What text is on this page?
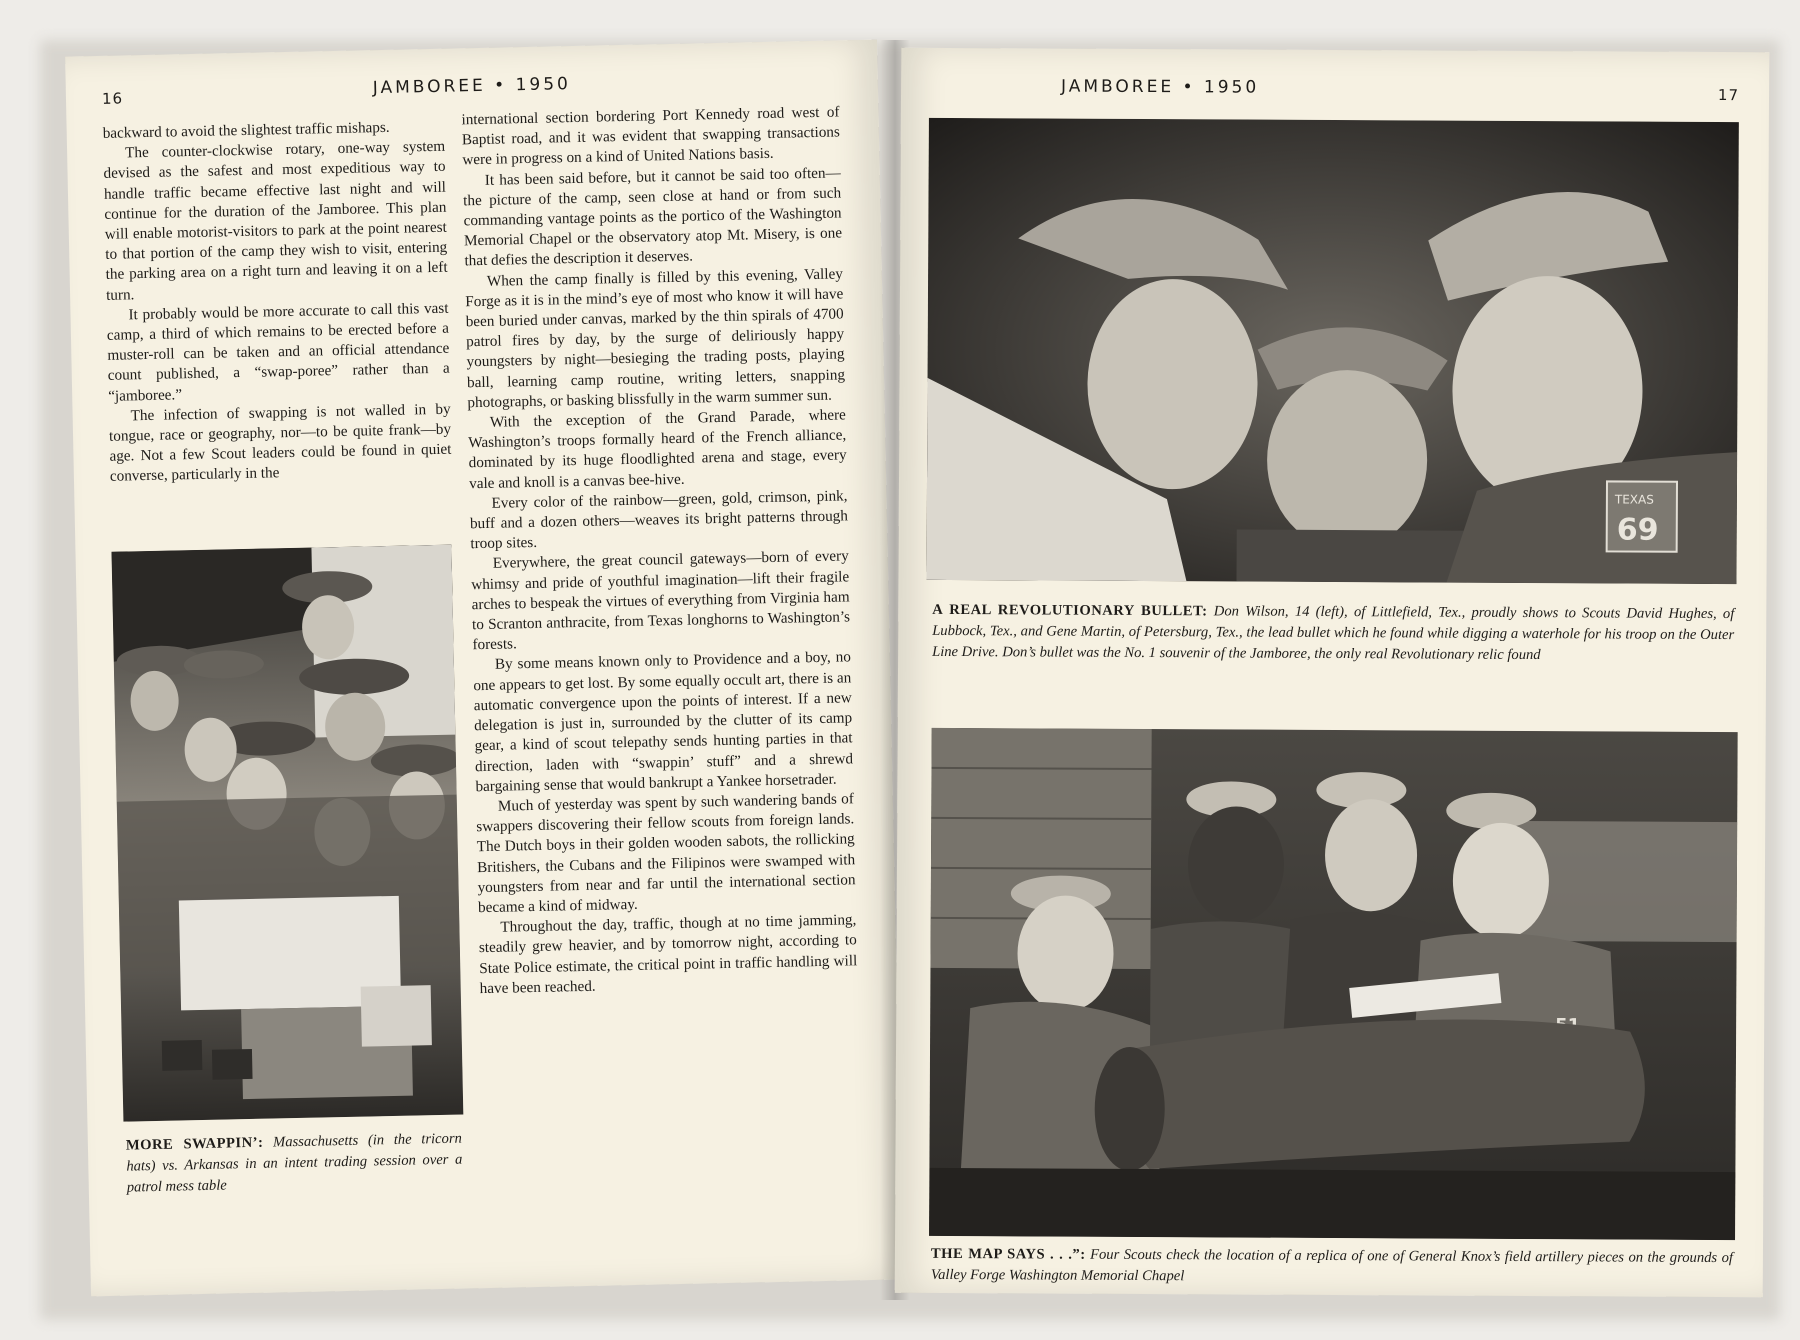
16
JAMBOREE • 1950

backward to avoid the slightest traffic mishaps.

The counter-clockwise rotary, one-way system devised as the safest and most expeditious way to handle traffic became effective last night and will continue for the duration of the Jamboree. This plan will enable motorist-visitors to park at the point nearest to that portion of the camp they wish to visit, entering the parking area on a right turn and leaving it on a left turn.

It probably would be more accurate to call this vast camp, a third of which remains to be erected before a muster-roll can be taken and an official attendance count published, a “swap-poree” rather than a “jamboree.”

The infection of swapping is not walled in by tongue, race or geography, nor—to be quite frank—by age. Not a few Scout leaders could be found in quiet converse, particularly in the

MORE SWAPPIN’: Massachusetts (in the tricorn hats) vs. Arkansas in an intent trading session over a patrol mess table

international section bordering Port Kennedy road west of Baptist road, and it was evident that swapping transactions were in progress on a kind of United Nations basis.

It has been said before, but it cannot be said too often—the picture of the camp, seen close at hand or from such commanding vantage points as the portico of the Washington Memorial Chapel or the observatory atop Mt. Misery, is one that defies the description it deserves.

When the camp finally is filled by this evening, Valley Forge as it is in the mind’s eye of most who know it will have been buried under canvas, marked by the thin spirals of 4700 patrol fires by day, by the surge of deliriously happy youngsters by night—besieging the trading posts, playing ball, learning camp routine, writing letters, snapping photographs, or basking blissfully in the warm summer sun.

With the exception of the Grand Parade, where Washington’s troops formally heard of the French alliance, dominated by its huge floodlighted arena and stage, every vale and knoll is a canvas bee-hive.

Every color of the rainbow—green, gold, crimson, pink, buff and a dozen others—weaves its bright patterns through troop sites.

Everywhere, the great council gateways—born of every whimsy and pride of youthful imagination—lift their fragile arches to bespeak the virtues of everything from Virginia ham to Scranton anthracite, from Texas longhorns to Washington’s forests.

By some means known only to Providence and a boy, no one appears to get lost. By some equally occult art, there is an automatic convergence upon the points of interest. If a new delegation is just in, surrounded by the clutter of its camp gear, a kind of scout telepathy sends hunting parties in that direction, laden with “swappin’ stuff” and a shrewd bargaining sense that would bankrupt a Yankee horsetrader.

Much of yesterday was spent by such wandering bands of swappers discovering their fellow scouts from foreign lands. The Dutch boys in their golden wooden sabots, the rollicking Britishers, the Cubans and the Filipinos were swamped with youngsters from near and far until the international section became a kind of midway.

Throughout the day, traffic, though at no time jamming, steadily grew heavier, and by tomorrow night, according to State Police estimate, the critical point in traffic handling will have been reached.

JAMBOREE • 1950	17
TEXAS
69
A REAL REVOLUTIONARY BULLET: Don Wilson, 14 (left), of Littlefield, Tex., proudly shows to Scouts David Hughes, of Lubbock, Tex., and Gene Martin, of Petersburg, Tex., the lead bullet which he found while digging a waterhole for his troop on the Outer Line Drive. Don’s bullet was the No. 1 souvenir of the Jamboree, the only real Revolutionary relic found
THE MAP SAYS . . .”: Four Scouts check the location of a replica of one of General Knox’s field artillery pieces on the grounds of Valley Forge Washington Memorial Chapel
